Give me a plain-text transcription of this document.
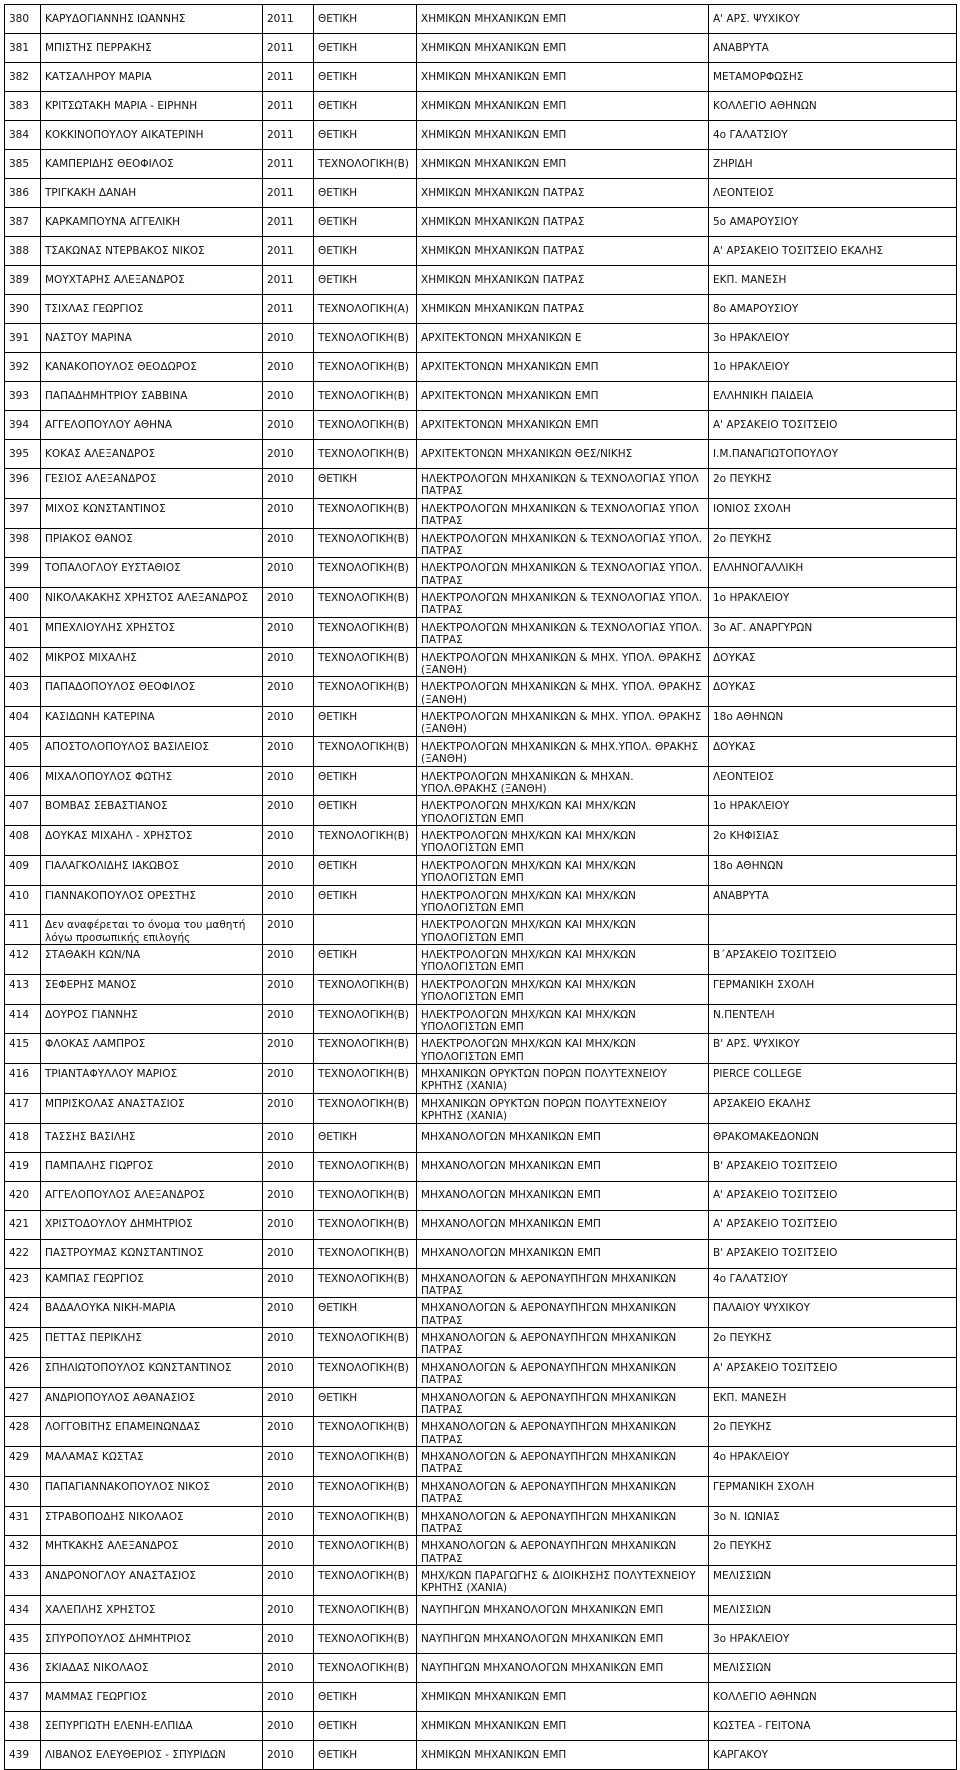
380	ΚΑΡΥΔΟΓΙΑΝΝΗΣ ΙΩΑΝΝΗΣ	2011	ΘΕΤΙΚΗ	ΧΗΜΙΚΩΝ ΜΗΧΑΝΙΚΩΝ ΕΜΠ	Α' ΑΡΣ. ΨΥΧΙΚΟΥ
381	ΜΠΙΣΤΗΣ ΠΕΡΡΑΚΗΣ	2011	ΘΕΤΙΚΗ	ΧΗΜΙΚΩΝ ΜΗΧΑΝΙΚΩΝ ΕΜΠ	ΑΝΑΒΡΥΤΑ
382	ΚΑΤΣΑΛΗΡΟΥ ΜΑΡΙΑ	2011	ΘΕΤΙΚΗ	ΧΗΜΙΚΩΝ ΜΗΧΑΝΙΚΩΝ ΕΜΠ	ΜΕΤΑΜΟΡΦΩΣΗΣ
383	ΚΡΙΤΣΩΤΑΚΗ ΜΑΡΙΑ - ΕΙΡΗΝΗ	2011	ΘΕΤΙΚΗ	ΧΗΜΙΚΩΝ ΜΗΧΑΝΙΚΩΝ ΕΜΠ	ΚΟΛΛΕΓΙΟ ΑΘΗΝΩΝ
384	ΚΟΚΚΙΝΟΠΟΥΛΟΥ ΑΙΚΑΤΕΡΙΝΗ	2011	ΘΕΤΙΚΗ	ΧΗΜΙΚΩΝ ΜΗΧΑΝΙΚΩΝ ΕΜΠ	4ο ΓΑΛΑΤΣΙΟΥ
385	ΚΑΜΠΕΡΙΔΗΣ ΘΕΟΦΙΛΟΣ	2011	ΤΕΧΝΟΛΟΓΙΚΗ(Β)	ΧΗΜΙΚΩΝ ΜΗΧΑΝΙΚΩΝ ΕΜΠ	ΖΗΡΙΔΗ
386	ΤΡΙΓΚΑΚΗ ΔΑΝΑΗ	2011	ΘΕΤΙΚΗ	ΧΗΜΙΚΩΝ ΜΗΧΑΝΙΚΩΝ ΠΑΤΡΑΣ	ΛΕΟΝΤΕΙΟΣ
387	ΚΑΡΚΑΜΠΟΥΝΑ ΑΓΓΕΛΙΚΗ	2011	ΘΕΤΙΚΗ	ΧΗΜΙΚΩΝ ΜΗΧΑΝΙΚΩΝ ΠΑΤΡΑΣ	5ο ΑΜΑΡΟΥΣΙΟΥ
388	ΤΣΑΚΩΝΑΣ ΝΤΕΡΒΑΚΟΣ ΝΙΚΟΣ	2011	ΘΕΤΙΚΗ	ΧΗΜΙΚΩΝ ΜΗΧΑΝΙΚΩΝ ΠΑΤΡΑΣ	Α' ΑΡΣΑΚΕΙΟ ΤΟΣΙΤΣΕΙΟ ΕΚΑΛΗΣ
389	ΜΟΥΧΤΑΡΗΣ ΑΛΕΞΑΝΔΡΟΣ	2011	ΘΕΤΙΚΗ	ΧΗΜΙΚΩΝ ΜΗΧΑΝΙΚΩΝ ΠΑΤΡΑΣ	ΕΚΠ. ΜΑΝΕΣΗ
390	ΤΣΙΧΛΑΣ ΓΕΩΡΓΙΟΣ	2011	ΤΕΧΝΟΛΟΓΙΚΗ(Α)	ΧΗΜΙΚΩΝ ΜΗΧΑΝΙΚΩΝ ΠΑΤΡΑΣ	8ο ΑΜΑΡΟΥΣΙΟΥ
391	ΝΑΣΤΟΥ ΜΑΡΙΝΑ	2010	ΤΕΧΝΟΛΟΓΙΚΗ(Β)	ΑΡΧΙΤΕΚΤΟΝΩΝ ΜΗΧΑΝΙΚΩΝ Ε	3ο ΗΡΑΚΛΕΙΟΥ
392	ΚΑΝΑΚΟΠΟΥΛΟΣ ΘΕΟΔΩΡΟΣ	2010	ΤΕΧΝΟΛΟΓΙΚΗ(Β)	ΑΡΧΙΤΕΚΤΟΝΩΝ ΜΗΧΑΝΙΚΩΝ ΕΜΠ	1ο ΗΡΑΚΛΕΙΟΥ
393	ΠΑΠΑΔΗΜΗΤΡΙΟΥ ΣΑΒΒΙΝΑ	2010	ΤΕΧΝΟΛΟΓΙΚΗ(Β)	ΑΡΧΙΤΕΚΤΟΝΩΝ ΜΗΧΑΝΙΚΩΝ ΕΜΠ	ΕΛΛΗΝΙΚΗ ΠΑΙΔΕΙΑ
394	ΑΓΓΕΛΟΠΟΥΛΟΥ ΑΘΗΝΑ	2010	ΤΕΧΝΟΛΟΓΙΚΗ(Β)	ΑΡΧΙΤΕΚΤΟΝΩΝ ΜΗΧΑΝΙΚΩΝ ΕΜΠ	Α' ΑΡΣΑΚΕΙΟ ΤΟΣΙΤΣΕΙΟ
395	ΚΟΚΑΣ ΑΛΕΞΑΝΔΡΟΣ	2010	ΤΕΧΝΟΛΟΓΙΚΗ(Β)	ΑΡΧΙΤΕΚΤΟΝΩΝ ΜΗΧΑΝΙΚΩΝ ΘΕΣ/ΝΙΚΗΣ	Ι.Μ.ΠΑΝΑΓΙΩΤΟΠΟΥΛΟΥ
396	ΓΕΣΙΟΣ ΑΛΕΞΑΝΔΡΟΣ	2010	ΘΕΤΙΚΗ	ΗΛΕΚΤΡΟΛΟΓΩΝ ΜΗΧΑΝΙΚΩΝ & ΤΕΧΝΟΛΟΓΙΑΣ ΥΠΟΛ ΠΑΤΡΑΣ	2ο ΠΕΥΚΗΣ
397	ΜΙΧΟΣ ΚΩΝΣΤΑΝΤΙΝΟΣ	2010	ΤΕΧΝΟΛΟΓΙΚΗ(Β)	ΗΛΕΚΤΡΟΛΟΓΩΝ ΜΗΧΑΝΙΚΩΝ & ΤΕΧΝΟΛΟΓΙΑΣ ΥΠΟΛ ΠΑΤΡΑΣ	ΙΟΝΙΟΣ ΣΧΟΛΗ
398	ΠΡΙΑΚΟΣ ΘΑΝΟΣ	2010	ΤΕΧΝΟΛΟΓΙΚΗ(Β)	ΗΛΕΚΤΡΟΛΟΓΩΝ ΜΗΧΑΝΙΚΩΝ & ΤΕΧΝΟΛΟΓΙΑΣ ΥΠΟΛ. ΠΑΤΡΑΣ	2ο ΠΕΥΚΗΣ
399	ΤΟΠΑΛΟΓΛΟΥ ΕΥΣΤΑΘΙΟΣ	2010	ΤΕΧΝΟΛΟΓΙΚΗ(Β)	ΗΛΕΚΤΡΟΛΟΓΩΝ ΜΗΧΑΝΙΚΩΝ & ΤΕΧΝΟΛΟΓΙΑΣ ΥΠΟΛ. ΠΑΤΡΑΣ	ΕΛΛΗΝΟΓΑΛΛΙΚΗ
400	ΝΙΚΟΛΑΚΑΚΗΣ ΧΡΗΣΤΟΣ ΑΛΕΞΑΝΔΡΟΣ	2010	ΤΕΧΝΟΛΟΓΙΚΗ(Β)	ΗΛΕΚΤΡΟΛΟΓΩΝ ΜΗΧΑΝΙΚΩΝ & ΤΕΧΝΟΛΟΓΙΑΣ ΥΠΟΛ. ΠΑΤΡΑΣ	1ο ΗΡΑΚΛΕΙΟΥ
401	ΜΠΕΧΛΙΟΥΛΗΣ ΧΡΗΣΤΟΣ	2010	ΤΕΧΝΟΛΟΓΙΚΗ(Β)	ΗΛΕΚΤΡΟΛΟΓΩΝ ΜΗΧΑΝΙΚΩΝ & ΤΕΧΝΟΛΟΓΙΑΣ ΥΠΟΛ. ΠΑΤΡΑΣ	3ο ΑΓ. ΑΝΑΡΓΥΡΩΝ
402	ΜΙΚΡΟΣ ΜΙΧΑΛΗΣ	2010	ΤΕΧΝΟΛΟΓΙΚΗ(Β)	ΗΛΕΚΤΡΟΛΟΓΩΝ ΜΗΧΑΝΙΚΩΝ & ΜΗΧ. ΥΠΟΛ. ΘΡΑΚΗΣ (ΞΑΝΘΗ)	ΔΟΥΚΑΣ
403	ΠΑΠΑΔΟΠΟΥΛΟΣ ΘΕΟΦΙΛΟΣ	2010	ΤΕΧΝΟΛΟΓΙΚΗ(Β)	ΗΛΕΚΤΡΟΛΟΓΩΝ ΜΗΧΑΝΙΚΩΝ & ΜΗΧ. ΥΠΟΛ. ΘΡΑΚΗΣ (ΞΑΝΘΗ)	ΔΟΥΚΑΣ
404	ΚΑΣΙΔΩΝΗ ΚΑΤΕΡΙΝΑ	2010	ΘΕΤΙΚΗ	ΗΛΕΚΤΡΟΛΟΓΩΝ ΜΗΧΑΝΙΚΩΝ & ΜΗΧ. ΥΠΟΛ. ΘΡΑΚΗΣ (ΞΑΝΘΗ)	18ο ΑΘΗΝΩΝ
405	ΑΠΟΣΤΟΛΟΠΟΥΛΟΣ ΒΑΣΙΛΕΙΟΣ	2010	ΤΕΧΝΟΛΟΓΙΚΗ(Β)	ΗΛΕΚΤΡΟΛΟΓΩΝ ΜΗΧΑΝΙΚΩΝ & ΜΗΧ.ΥΠΟΛ. ΘΡΑΚΗΣ (ΞΑΝΘΗ)	ΔΟΥΚΑΣ
406	ΜΙΧΑΛΟΠΟΥΛΟΣ ΦΩΤΗΣ	2010	ΘΕΤΙΚΗ	ΗΛΕΚΤΡΟΛΟΓΩΝ ΜΗΧΑΝΙΚΩΝ & ΜΗΧΑΝ. ΥΠΟΛ.ΘΡΑΚΗΣ (ΞΑΝΘΗ)	ΛΕΟΝΤΕΙΟΣ
407	ΒΟΜΒΑΣ ΣΕΒΑΣΤΙΑΝΟΣ	2010	ΘΕΤΙΚΗ	ΗΛΕΚΤΡΟΛΟΓΩΝ ΜΗΧ/ΚΩΝ ΚΑΙ ΜΗΧ/ΚΩΝ ΥΠΟΛΟΓΙΣΤΩΝ ΕΜΠ	1ο ΗΡΑΚΛΕΙΟΥ
408	ΔΟΥΚΑΣ ΜΙΧΑΗΛ - ΧΡΗΣΤΟΣ	2010	ΤΕΧΝΟΛΟΓΙΚΗ(Β)	ΗΛΕΚΤΡΟΛΟΓΩΝ ΜΗΧ/ΚΩΝ ΚΑΙ ΜΗΧ/ΚΩΝ ΥΠΟΛΟΓΙΣΤΩΝ ΕΜΠ	2ο ΚΗΦΙΣΙΑΣ
409	ΓΙΑΛΑΓΚΟΛΙΔΗΣ ΙΑΚΩΒΟΣ	2010	ΘΕΤΙΚΗ	ΗΛΕΚΤΡΟΛΟΓΩΝ ΜΗΧ/ΚΩΝ ΚΑΙ ΜΗΧ/ΚΩΝ ΥΠΟΛΟΓΙΣΤΩΝ ΕΜΠ	18ο ΑΘΗΝΩΝ
410	ΓΙΑΝΝΑΚΟΠΟΥΛΟΣ ΟΡΕΣΤΗΣ	2010	ΘΕΤΙΚΗ	ΗΛΕΚΤΡΟΛΟΓΩΝ ΜΗΧ/ΚΩΝ ΚΑΙ ΜΗΧ/ΚΩΝ ΥΠΟΛΟΓΙΣΤΩΝ ΕΜΠ	ΑΝΑΒΡΥΤΑ
411	Δεν αναφέρεται το όνομα του μαθητή λόγω προσωπικής επιλογής	2010		ΗΛΕΚΤΡΟΛΟΓΩΝ ΜΗΧ/ΚΩΝ ΚΑΙ ΜΗΧ/ΚΩΝ ΥΠΟΛΟΓΙΣΤΩΝ ΕΜΠ	
412	ΣΤΑΘΑΚΗ ΚΩΝ/ΝΑ	2010	ΘΕΤΙΚΗ	ΗΛΕΚΤΡΟΛΟΓΩΝ ΜΗΧ/ΚΩΝ ΚΑΙ ΜΗΧ/ΚΩΝ ΥΠΟΛΟΓΙΣΤΩΝ ΕΜΠ	Β΄ΑΡΣΑΚΕΙΟ ΤΟΣΙΤΣΕΙΟ
413	ΣΕΦΕΡΗΣ ΜΑΝΟΣ	2010	ΤΕΧΝΟΛΟΓΙΚΗ(Β)	ΗΛΕΚΤΡΟΛΟΓΩΝ ΜΗΧ/ΚΩΝ ΚΑΙ ΜΗΧ/ΚΩΝ ΥΠΟΛΟΓΙΣΤΩΝ ΕΜΠ	ΓΕΡΜΑΝΙΚΗ ΣΧΟΛΗ
414	ΔΟΥΡΟΣ ΓΙΑΝΝΗΣ	2010	ΤΕΧΝΟΛΟΓΙΚΗ(Β)	ΗΛΕΚΤΡΟΛΟΓΩΝ ΜΗΧ/ΚΩΝ ΚΑΙ ΜΗΧ/ΚΩΝ ΥΠΟΛΟΓΙΣΤΩΝ ΕΜΠ	Ν.ΠΕΝΤΕΛΗ
415	ΦΛΟΚΑΣ ΛΑΜΠΡΟΣ	2010	ΤΕΧΝΟΛΟΓΙΚΗ(Β)	ΗΛΕΚΤΡΟΛΟΓΩΝ ΜΗΧ/ΚΩΝ ΚΑΙ ΜΗΧ/ΚΩΝ ΥΠΟΛΟΓΙΣΤΩΝ ΕΜΠ	Β' ΑΡΣ. ΨΥΧΙΚΟΥ
416	ΤΡΙΑΝΤΑΦΥΛΛΟΥ ΜΑΡΙΟΣ	2010	ΤΕΧΝΟΛΟΓΙΚΗ(Β)	ΜΗΧΑΝΙΚΩΝ ΟΡΥΚΤΩΝ ΠΟΡΩΝ ΠΟΛΥΤΕΧΝΕΙΟΥ ΚΡΗΤΗΣ (ΧΑΝΙΑ)	PIERCE COLLEGE
417	ΜΠΡΙΣΚΟΛΑΣ ΑΝΑΣΤΑΣΙΟΣ	2010	ΤΕΧΝΟΛΟΓΙΚΗ(Β)	ΜΗΧΑΝΙΚΩΝ ΟΡΥΚΤΩΝ ΠΟΡΩΝ ΠΟΛΥΤΕΧΝΕΙΟΥ ΚΡΗΤΗΣ (ΧΑΝΙΑ)	ΑΡΣΑΚΕΙΟ ΕΚΑΛΗΣ
418	ΤΑΣΣΗΣ ΒΑΣΙΛΗΣ	2010	ΘΕΤΙΚΗ	ΜΗΧΑΝΟΛΟΓΩΝ ΜΗΧΑΝΙΚΩΝ ΕΜΠ	ΘΡΑΚΟΜΑΚΕΔΟΝΩΝ
419	ΠΑΜΠΑΛΗΣ ΓΙΩΡΓΟΣ	2010	ΤΕΧΝΟΛΟΓΙΚΗ(Β)	ΜΗΧΑΝΟΛΟΓΩΝ ΜΗΧΑΝΙΚΩΝ ΕΜΠ	Β' ΑΡΣΑΚΕΙΟ ΤΟΣΙΤΣΕΙΟ
420	ΑΓΓΕΛΟΠΟΥΛΟΣ ΑΛΕΞΑΝΔΡΟΣ	2010	ΤΕΧΝΟΛΟΓΙΚΗ(Β)	ΜΗΧΑΝΟΛΟΓΩΝ ΜΗΧΑΝΙΚΩΝ ΕΜΠ	Α' ΑΡΣΑΚΕΙΟ ΤΟΣΙΤΣΕΙΟ
421	ΧΡΙΣΤΟΔΟΥΛΟΥ ΔΗΜΗΤΡΙΟΣ	2010	ΤΕΧΝΟΛΟΓΙΚΗ(Β)	ΜΗΧΑΝΟΛΟΓΩΝ ΜΗΧΑΝΙΚΩΝ ΕΜΠ	Α' ΑΡΣΑΚΕΙΟ ΤΟΣΙΤΣΕΙΟ
422	ΠΑΣΤΡΟΥΜΑΣ ΚΩΝΣΤΑΝΤΙΝΟΣ	2010	ΤΕΧΝΟΛΟΓΙΚΗ(Β)	ΜΗΧΑΝΟΛΟΓΩΝ ΜΗΧΑΝΙΚΩΝ ΕΜΠ	Β' ΑΡΣΑΚΕΙΟ ΤΟΣΙΤΣΕΙΟ
423	ΚΑΜΠΑΣ ΓΕΩΡΓΙΟΣ	2010	ΤΕΧΝΟΛΟΓΙΚΗ(Β)	ΜΗΧΑΝΟΛΟΓΩΝ & ΑΕΡΟΝΑΥΠΗΓΩΝ ΜΗΧΑΝΙΚΩΝ ΠΑΤΡΑΣ	4ο ΓΑΛΑΤΣΙΟΥ
424	ΒΑΔΑΛΟΥΚΑ ΝΙΚΗ-ΜΑΡΙΑ	2010	ΘΕΤΙΚΗ	ΜΗΧΑΝΟΛΟΓΩΝ & ΑΕΡΟΝΑΥΠΗΓΩΝ ΜΗΧΑΝΙΚΩΝ ΠΑΤΡΑΣ	ΠΑΛΑΙΟΥ ΨΥΧΙΚΟΥ
425	ΠΕΤΤΑΣ ΠΕΡΙΚΛΗΣ	2010	ΤΕΧΝΟΛΟΓΙΚΗ(Β)	ΜΗΧΑΝΟΛΟΓΩΝ & ΑΕΡΟΝΑΥΠΗΓΩΝ ΜΗΧΑΝΙΚΩΝ ΠΑΤΡΑΣ	2ο ΠΕΥΚΗΣ
426	ΣΠΗΛΙΩΤΟΠΟΥΛΟΣ ΚΩΝΣΤΑΝΤΙΝΟΣ	2010	ΤΕΧΝΟΛΟΓΙΚΗ(Β)	ΜΗΧΑΝΟΛΟΓΩΝ & ΑΕΡΟΝΑΥΠΗΓΩΝ ΜΗΧΑΝΙΚΩΝ ΠΑΤΡΑΣ	Α' ΑΡΣΑΚΕΙΟ ΤΟΣΙΤΣΕΙΟ
427	ΑΝΔΡΙΟΠΟΥΛΟΣ ΑΘΑΝΑΣΙΟΣ	2010	ΘΕΤΙΚΗ	ΜΗΧΑΝΟΛΟΓΩΝ & ΑΕΡΟΝΑΥΠΗΓΩΝ ΜΗΧΑΝΙΚΩΝ ΠΑΤΡΑΣ	ΕΚΠ. ΜΑΝΕΣΗ
428	ΛΟΓΓΟΒΙΤΗΣ ΕΠΑΜΕΙΝΩΝΔΑΣ	2010	ΤΕΧΝΟΛΟΓΙΚΗ(Β)	ΜΗΧΑΝΟΛΟΓΩΝ & ΑΕΡΟΝΑΥΠΗΓΩΝ ΜΗΧΑΝΙΚΩΝ ΠΑΤΡΑΣ	2ο ΠΕΥΚΗΣ
429	ΜΑΛΑΜΑΣ ΚΩΣΤΑΣ	2010	ΤΕΧΝΟΛΟΓΙΚΗ(Β)	ΜΗΧΑΝΟΛΟΓΩΝ & ΑΕΡΟΝΑΥΠΗΓΩΝ ΜΗΧΑΝΙΚΩΝ ΠΑΤΡΑΣ	4ο ΗΡΑΚΛΕΙΟΥ
430	ΠΑΠΑΓΙΑΝΝΑΚΟΠΟΥΛΟΣ ΝΙΚΟΣ	2010	ΤΕΧΝΟΛΟΓΙΚΗ(Β)	ΜΗΧΑΝΟΛΟΓΩΝ & ΑΕΡΟΝΑΥΠΗΓΩΝ ΜΗΧΑΝΙΚΩΝ ΠΑΤΡΑΣ	ΓΕΡΜΑΝΙΚΗ ΣΧΟΛΗ
431	ΣΤΡΑΒΟΠΟΔΗΣ ΝΙΚΟΛΑΟΣ	2010	ΤΕΧΝΟΛΟΓΙΚΗ(Β)	ΜΗΧΑΝΟΛΟΓΩΝ & ΑΕΡΟΝΑΥΠΗΓΩΝ ΜΗΧΑΝΙΚΩΝ ΠΑΤΡΑΣ	3ο Ν. ΙΩΝΙΑΣ
432	ΜΗΤΚΑΚΗΣ ΑΛΕΞΑΝΔΡΟΣ	2010	ΤΕΧΝΟΛΟΓΙΚΗ(Β)	ΜΗΧΑΝΟΛΟΓΩΝ & ΑΕΡΟΝΑΥΠΗΓΩΝ ΜΗΧΑΝΙΚΩΝ ΠΑΤΡΑΣ	2ο ΠΕΥΚΗΣ
433	ΑΝΔΡΟΝΟΓΛΟΥ ΑΝΑΣΤΑΣΙΟΣ	2010	ΤΕΧΝΟΛΟΓΙΚΗ(Β)	ΜΗΧ/ΚΩΝ ΠΑΡΑΓΩΓΗΣ & ΔΙΟΙΚΗΣΗΣ ΠΟΛΥΤΕΧΝΕΙΟΥ ΚΡΗΤΗΣ (ΧΑΝΙΑ)	ΜΕΛΙΣΣΙΩΝ
434	ΧΑΛΕΠΛΗΣ ΧΡΗΣΤΟΣ	2010	ΤΕΧΝΟΛΟΓΙΚΗ(Β)	ΝΑΥΠΗΓΩΝ ΜΗΧΑΝΟΛΟΓΩΝ ΜΗΧΑΝΙΚΩΝ ΕΜΠ	ΜΕΛΙΣΣΙΩΝ
435	ΣΠΥΡΟΠΟΥΛΟΣ ΔΗΜΗΤΡΙΟΣ	2010	ΤΕΧΝΟΛΟΓΙΚΗ(Β)	ΝΑΥΠΗΓΩΝ ΜΗΧΑΝΟΛΟΓΩΝ ΜΗΧΑΝΙΚΩΝ ΕΜΠ	3ο ΗΡΑΚΛΕΙΟΥ
436	ΣΚΙΑΔΑΣ ΝΙΚΟΛΑΟΣ	2010	ΤΕΧΝΟΛΟΓΙΚΗ(Β)	ΝΑΥΠΗΓΩΝ ΜΗΧΑΝΟΛΟΓΩΝ ΜΗΧΑΝΙΚΩΝ ΕΜΠ	ΜΕΛΙΣΣΙΩΝ
437	ΜΑΜΜΑΣ ΓΕΩΡΓΙΟΣ	2010	ΘΕΤΙΚΗ	ΧΗΜΙΚΩΝ ΜΗΧΑΝΙΚΩΝ ΕΜΠ	ΚΟΛΛΕΓΙΟ ΑΘΗΝΩΝ
438	ΣΕΠΥΡΓΙΩΤΗ ΕΛΕΝΗ-ΕΛΠΙΔΑ	2010	ΘΕΤΙΚΗ	ΧΗΜΙΚΩΝ ΜΗΧΑΝΙΚΩΝ ΕΜΠ	ΚΩΣΤΕΑ - ΓΕΙΤΟΝΑ
439	ΛΙΒΑΝΟΣ ΕΛΕΥΘΕΡΙΟΣ - ΣΠΥΡΙΔΩΝ	2010	ΘΕΤΙΚΗ	ΧΗΜΙΚΩΝ ΜΗΧΑΝΙΚΩΝ ΕΜΠ	ΚΑΡΓΑΚΟΥ
